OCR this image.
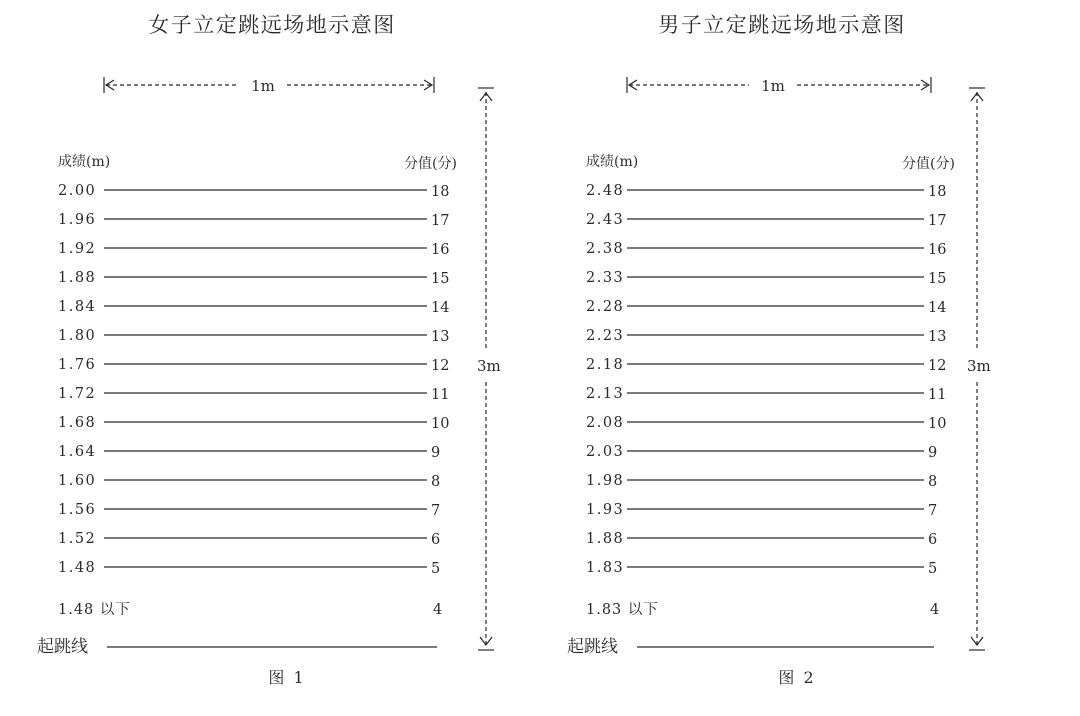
女子立定跳远场地示意图
1m
3m
成绩(m)	分值(分)
2.00	18
1.96	17
1.92	16
1.88	15
1.84	14
1.80	13
1.76	12
1.72	11
1.68	10
1.64	9
1.60	8
1.56	7
1.52	6
1.48	5
1.48 以下	4
起跳线
图 1
男子立定跳远场地示意图
1m
3m
成绩(m)	分值(分)
2.48	18
2.43	17
2.38	16
2.33	15
2.28	14
2.23	13
2.18	12
2.13	11
2.08	10
2.03	9
1.98	8
1.93	7
1.88	6
1.83	5
1.83 以下	4
起跳线
图 2
